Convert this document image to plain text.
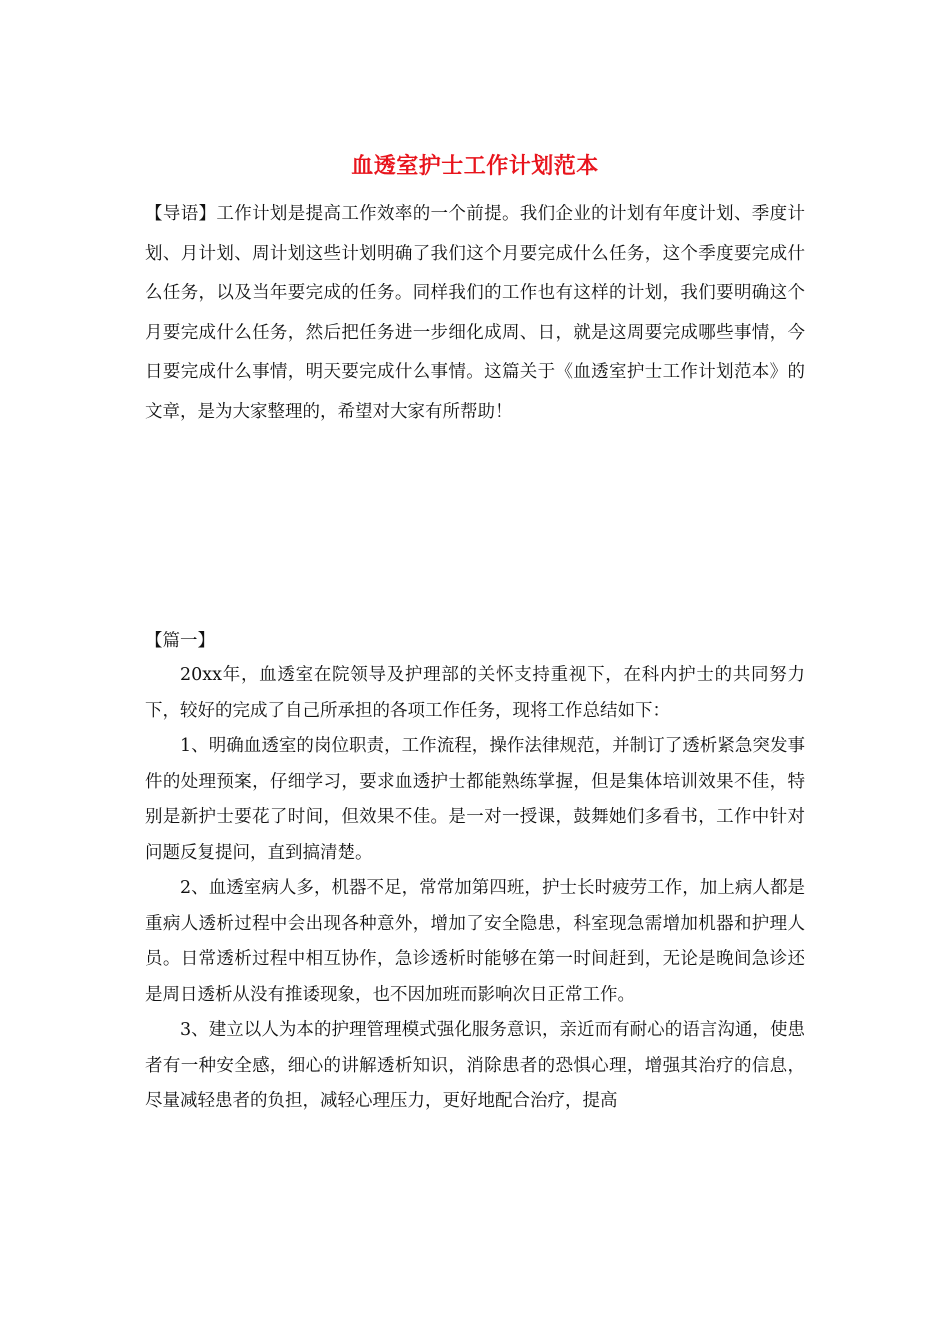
血透室护士工作计划范本

【导语】工作计划是提高工作效率的一个前提。我们企业的计划有年度计划、季度计划、月计划、周计划这些计划明确了我们这个月要完成什么任务，这个季度要完成什么任务，以及当年要完成的任务。同样我们的工作也有这样的计划，我们要明确这个月要完成什么任务，然后把任务进一步细化成周、日，就是这周要完成哪些事情，今日要完成什么事情，明天要完成什么事情。这篇关于《血透室护士工作计划范本》的文章，是为大家整理的，希望对大家有所帮助！

【篇一】

20xx年，血透室在院领导及护理部的关怀支持重视下，在科内护士的共同努力下，较好的完成了自己所承担的各项工作任务，现将工作总结如下：

1、明确血透室的岗位职责，工作流程，操作法律规范，并制订了透析紧急突发事件的处理预案，仔细学习，要求血透护士都能熟练掌握，但是集体培训效果不佳，特别是新护士要花了时间，但效果不佳。是一对一授课，鼓舞她们多看书，工作中针对问题反复提问，直到搞清楚。

2、血透室病人多，机器不足，常常加第四班，护士长时疲劳工作，加上病人都是重病人透析过程中会出现各种意外，增加了安全隐患，科室现急需增加机器和护理人员。日常透析过程中相互协作，急诊透析时能够在第一时间赶到，无论是晚间急诊还是周日透析从没有推诿现象，也不因加班而影响次日正常工作。

3、建立以人为本的护理管理模式强化服务意识，亲近而有耐心的语言沟通，使患者有一种安全感，细心的讲解透析知识，消除患者的恐惧心理，增强其治疗的信息，尽量减轻患者的负担，减轻心理压力，更好地配合治疗，提高
